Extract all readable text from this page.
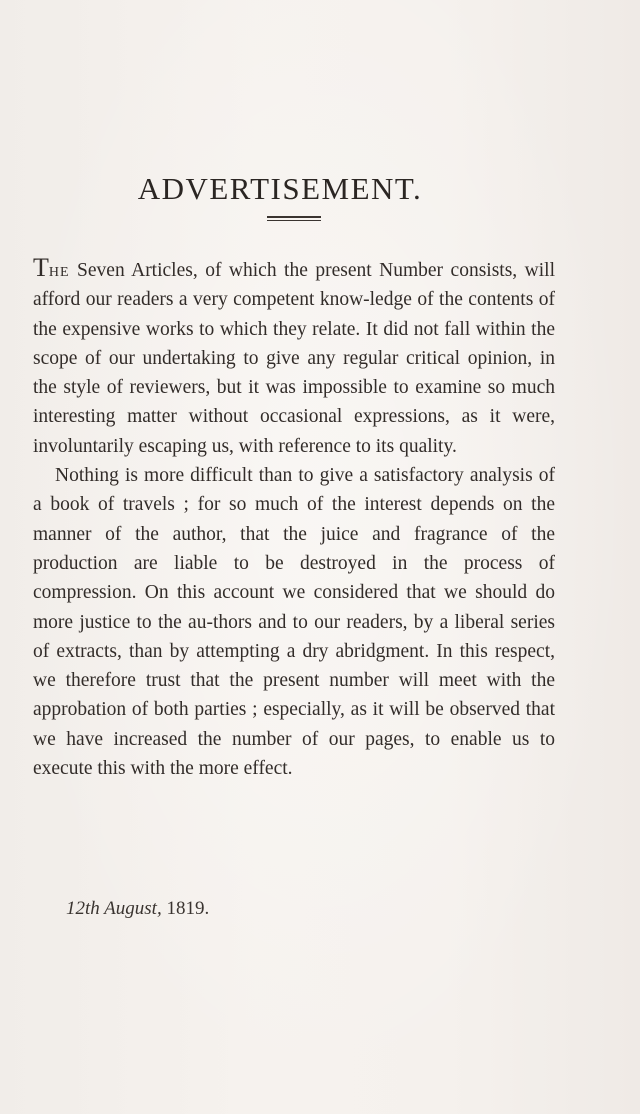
ADVERTISEMENT.

The Seven Articles, of which the present Number consists, will afford our readers a very competent know-ledge of the contents of the expensive works to which they relate. It did not fall within the scope of our undertaking to give any regular critical opinion, in the style of reviewers, but it was impossible to examine so much interesting matter without occasional expressions, as it were, involuntarily escaping us, with reference to its quality.

Nothing is more difficult than to give a satisfactory analysis of a book of travels ; for so much of the interest depends on the manner of the author, that the juice and fragrance of the production are liable to be destroyed in the process of compression. On this account we considered that we should do more justice to the au-thors and to our readers, by a liberal series of extracts, than by attempting a dry abridgment. In this respect, we therefore trust that the present number will meet with the approbation of both parties ; especially, as it will be observed that we have increased the number of our pages, to enable us to execute this with the more effect.

12th August, 1819.
